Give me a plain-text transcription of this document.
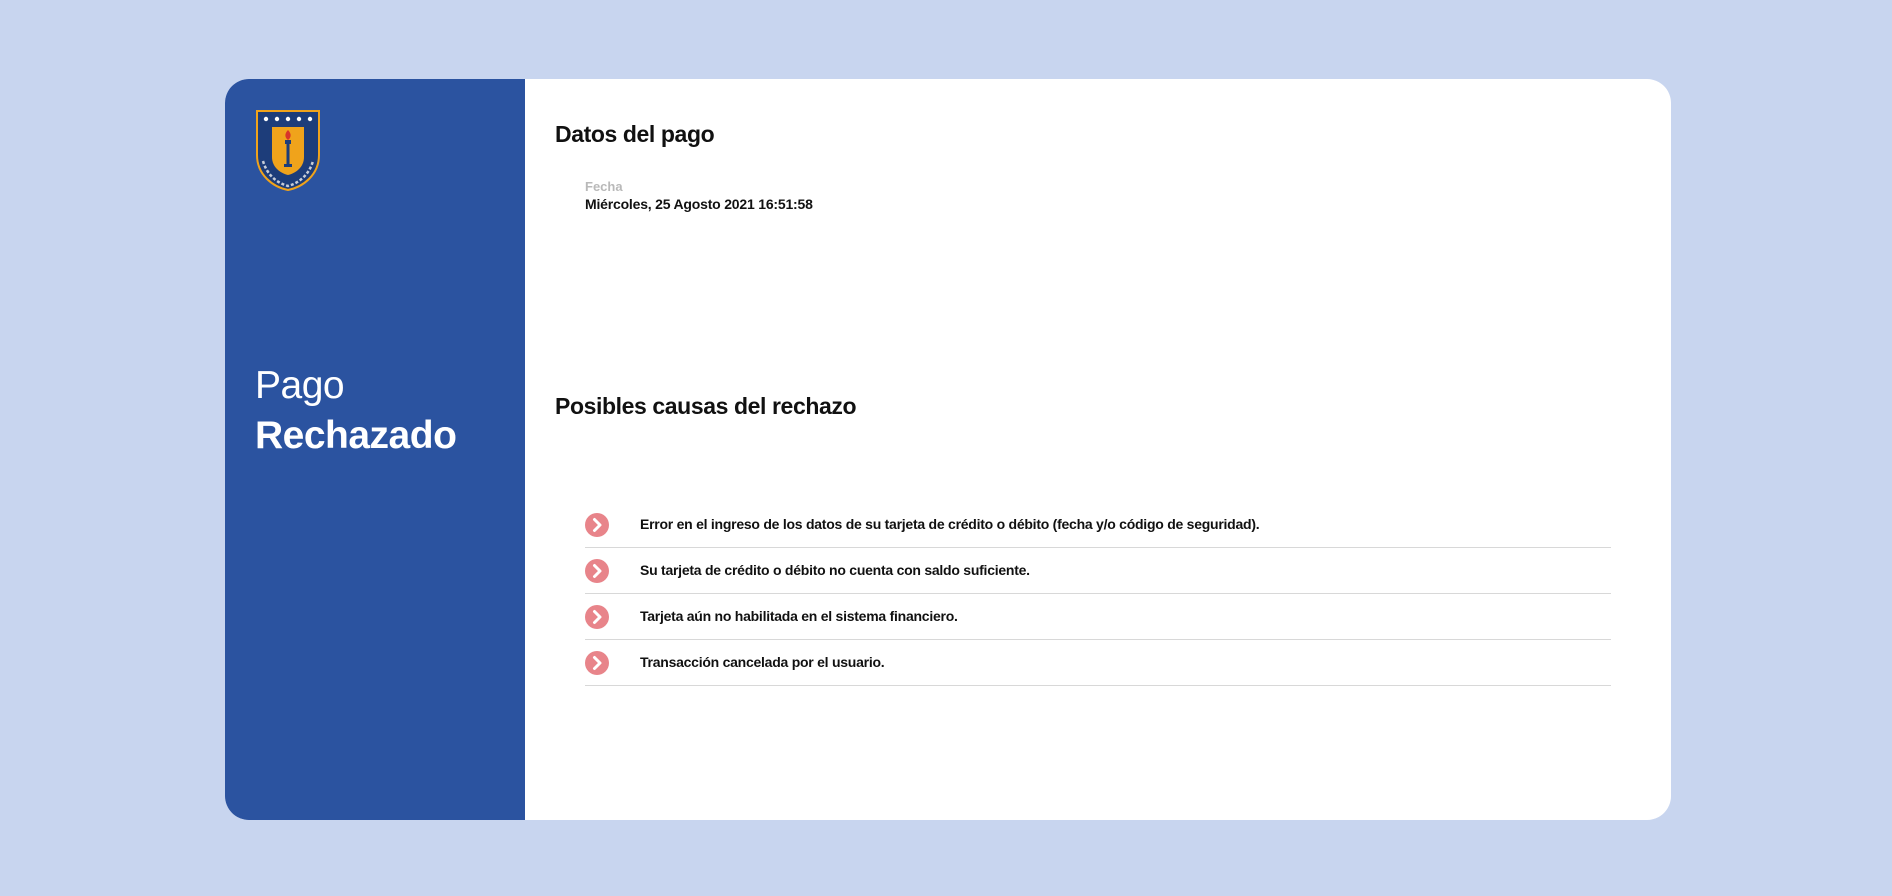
Pago
Rechazado
Datos del pago
Fecha
Miércoles, 25 Agosto 2021 16:51:58
Posibles causas del rechazo
Error en el ingreso de los datos de su tarjeta de crédito o débito (fecha y/o código de seguridad).
Su tarjeta de crédito o débito no cuenta con saldo suficiente.
Tarjeta aún no habilitada en el sistema financiero.
Transacción cancelada por el usuario.
